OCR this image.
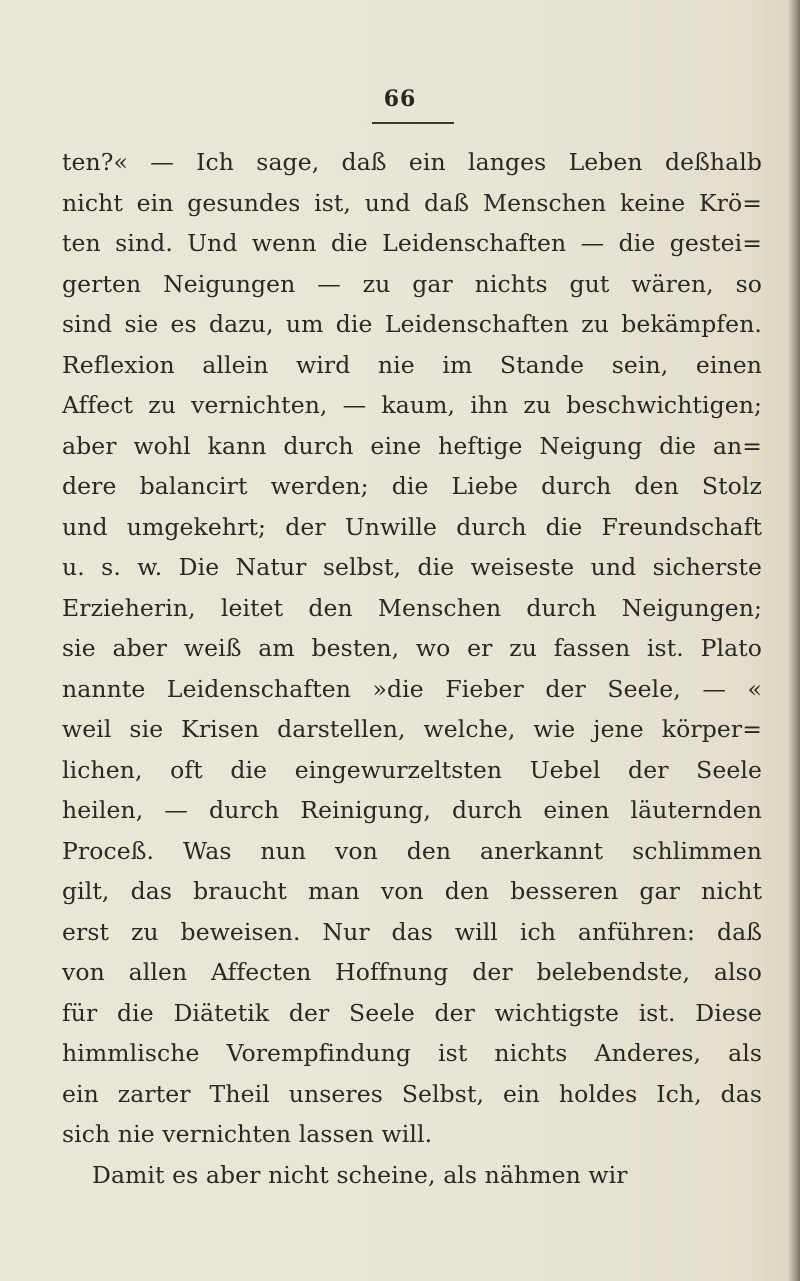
66
ten?« — Ich sage, daß ein langes Leben deßhalb
nicht ein gesundes ist, und daß Menschen keine Krö=
ten sind. Und wenn die Leidenschaften — die gestei=
gerten Neigungen — zu gar nichts gut wären, so
sind sie es dazu, um die Leidenschaften zu bekämpfen.
Reflexion allein wird nie im Stande sein, einen
Affect zu vernichten, — kaum, ihn zu beschwichtigen;
aber wohl kann durch eine heftige Neigung die an=
dere balancirt werden; die Liebe durch den Stolz
und umgekehrt; der Unwille durch die Freundschaft
u. s. w. Die Natur selbst, die weiseste und sicherste
Erzieherin, leitet den Menschen durch Neigungen;
sie aber weiß am besten, wo er zu fassen ist. Plato
nannte Leidenschaften »die Fieber der Seele, — «
weil sie Krisen darstellen, welche, wie jene körper=
lichen, oft die eingewurzeltsten Uebel der Seele
heilen, — durch Reinigung, durch einen läuternden
Proceß. Was nun von den anerkannt schlimmen
gilt, das braucht man von den besseren gar nicht
erst zu beweisen. Nur das will ich anführen: daß
von allen Affecten Hoffnung der belebendste, also
für die Diätetik der Seele der wichtigste ist. Diese
himmlische Vorempfindung ist nichts Anderes, als
ein zarter Theil unseres Selbst, ein holdes Ich, das
sich nie vernichten lassen will.
Damit es aber nicht scheine, als nähmen wir
